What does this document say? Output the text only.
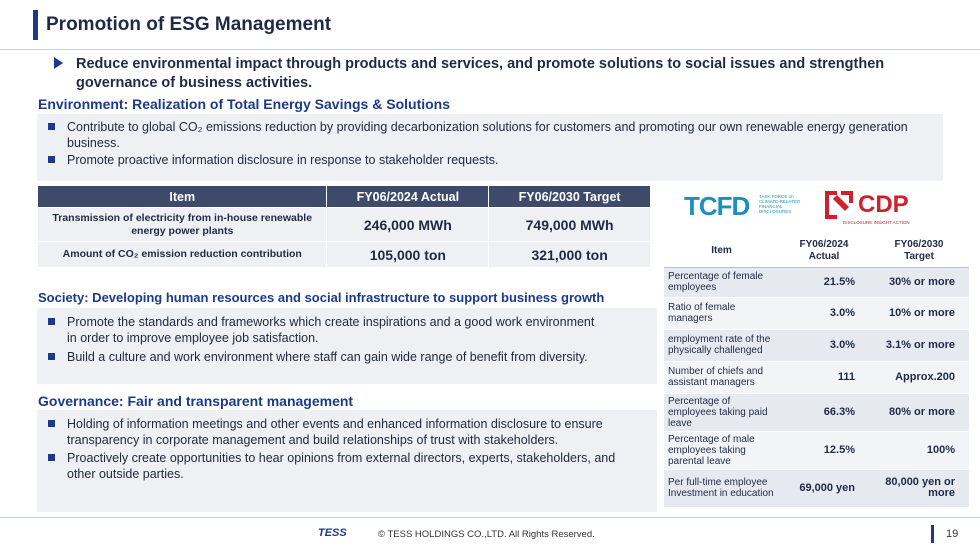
Promotion of ESG Management
Reduce environmental impact through products and services, and promote solutions to social issues and strengthen governance of business activities.
Environment: Realization of Total Energy Savings & Solutions
Contribute to global CO₂ emissions reduction by providing decarbonization solutions for customers and promoting our own renewable energy generation business.
Promote proactive information disclosure in response to stakeholder requests.
Item	FY06/2024 Actual	FY06/2030 Target
Transmission of electricity from in-house renewable energy power plants	246,000 MWh	749,000 MWh
Amount of CO₂ emission reduction contribution	105,000 ton	321,000 ton
TCFD TASK FORCE on CLIMATE-RELATED FINANCIAL DISCLOSURES	CDP
DISCLOSURE INSIGHT ACTION
Society: Developing human resources and social infrastructure to support business growth
Promote the standards and frameworks which create inspirations and a good work environment in order to improve employee job satisfaction.
Build a culture and work environment where staff can gain wide range of benefit from diversity.
Governance: Fair and transparent management
Holding of information meetings and other events and enhanced information disclosure to ensure transparency in corporate management and build relationships of trust with stakeholders.
Proactively create opportunities to hear opinions from external directors, experts, stakeholders, and other outside parties.
Item	FY06/2024 Actual	FY06/2030 Target
Percentage of female employees	21.5%	30% or more
Ratio of female managers	3.0%	10% or more
employment rate of the physically challenged	3.0%	3.1% or more
Number of chiefs and assistant managers	111	Approx.200
Percentage of employees taking paid leave	66.3%	80% or more
Percentage of male employees taking parental leave	12.5%	100%
Per full-time employee Investment in education	69,000 yen	80,000 yen or more
TESS	© TESS HOLDINGS CO.,LTD. All Rights Reserved.	19
